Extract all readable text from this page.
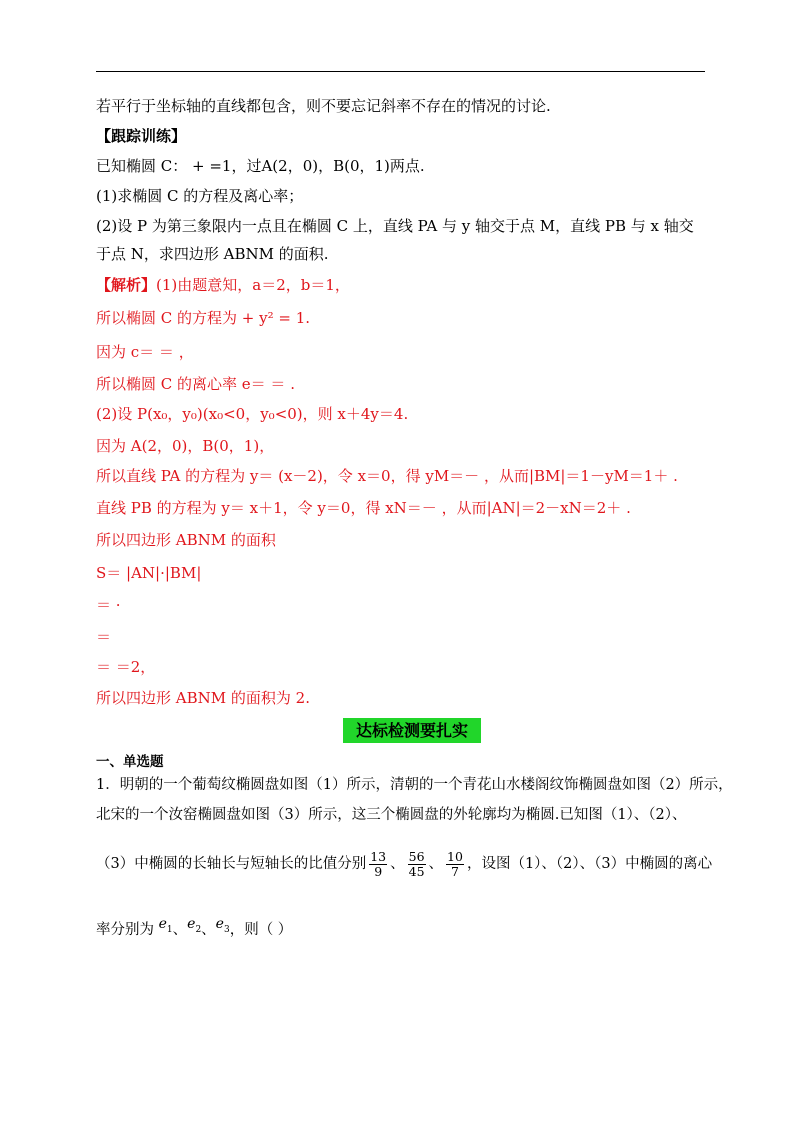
若平行于坐标轴的直线都包含，则不要忘记斜率不存在的情况的讨论.
【跟踪训练】
已知椭圆 C： + =1，过A(2，0)，B(0，1)两点.
(1)求椭圆 C 的方程及离心率；
(2)设 P 为第三象限内一点且在椭圆 C 上，直线 PA 与 y 轴交于点 M，直线 PB 与 x 轴交
于点 N，求四边形 ABNM 的面积.
【解析】(1)由题意知，a＝2，b＝1，
所以椭圆 C 的方程为 + y² = 1.
因为 c＝ ＝ ，
所以椭圆 C 的离心率 e＝ ＝ .
(2)设 P(x₀，y₀)(x₀<0，y₀<0)，则 x＋4y＝4.
因为 A(2，0)，B(0，1)，
所以直线 PA 的方程为 y＝ (x－2)，令 x＝0，得 yM＝－ ，从而|BM|＝1－yM＝1＋ .
直线 PB 的方程为 y＝ x＋1，令 y＝0，得 xN＝－ ，从而|AN|＝2－xN＝2＋ .
所以四边形 ABNM 的面积
S＝ |AN|·|BM|
＝ ·
＝
＝ ＝2，
所以四边形 ABNM 的面积为 2.
达标检测要扎实
一、单选题
1．明朝的一个葡萄纹椭圆盘如图（1）所示，清朝的一个青花山水楼阁纹饰椭圆盘如图（2）所示，
北宋的一个汝窑椭圆盘如图（3）所示，这三个椭圆盘的外轮廓均为椭圆.已知图（1）、（2）、
（3）中椭圆的长轴长与短轴长的比值分别 $\frac{13}{9}$ 、 $\frac{56}{45}$ 、 $\frac{10}{7}$ ，设图（1）、（2）、（3）中椭圆的离心
率分别为 $e_1$、$e_2$、$e_3$，则（ ）
